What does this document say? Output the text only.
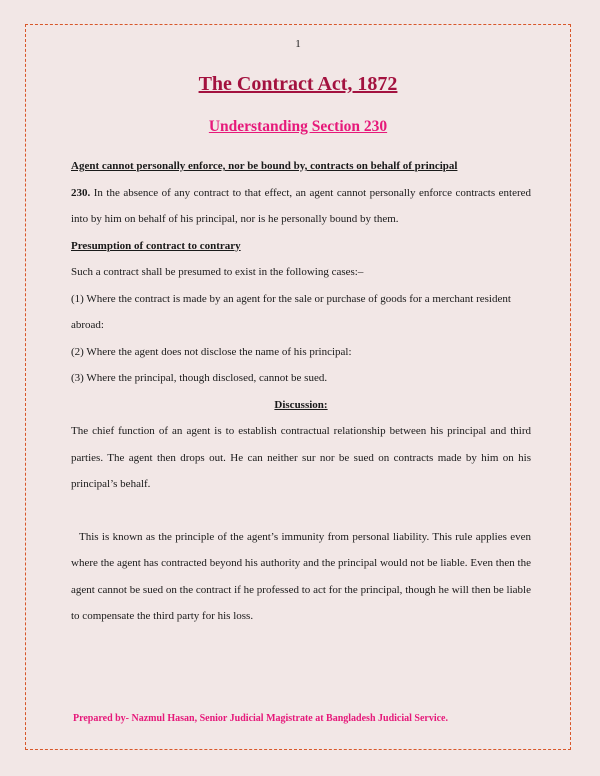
1
The Contract Act, 1872
Understanding Section 230

Agent cannot personally enforce, nor be bound by, contracts on behalf of principal

230. In the absence of any contract to that effect, an agent cannot personally enforce contracts entered into by him on behalf of his principal, nor is he personally bound by them.

Presumption of contract to contrary

Such a contract shall be presumed to exist in the following cases:–

(1) Where the contract is made by an agent for the sale or purchase of goods for a merchant resident abroad:

(2) Where the agent does not disclose the name of his principal:

(3) Where the principal, though disclosed, cannot be sued.

Discussion:

The chief function of an agent is to establish contractual relationship between his principal and third parties. The agent then drops out. He can neither sur nor be sued on contracts made by him on his principal’s behalf.

This is known as the principle of the agent’s immunity from personal liability. This rule applies even where the agent has contracted beyond his authority and the principal would not be liable. Even then the agent cannot be sued on the contract if he professed to act for the principal, though he will then be liable to compensate the third party for his loss.

Prepared by- Nazmul Hasan, Senior Judicial Magistrate at Bangladesh Judicial Service.
